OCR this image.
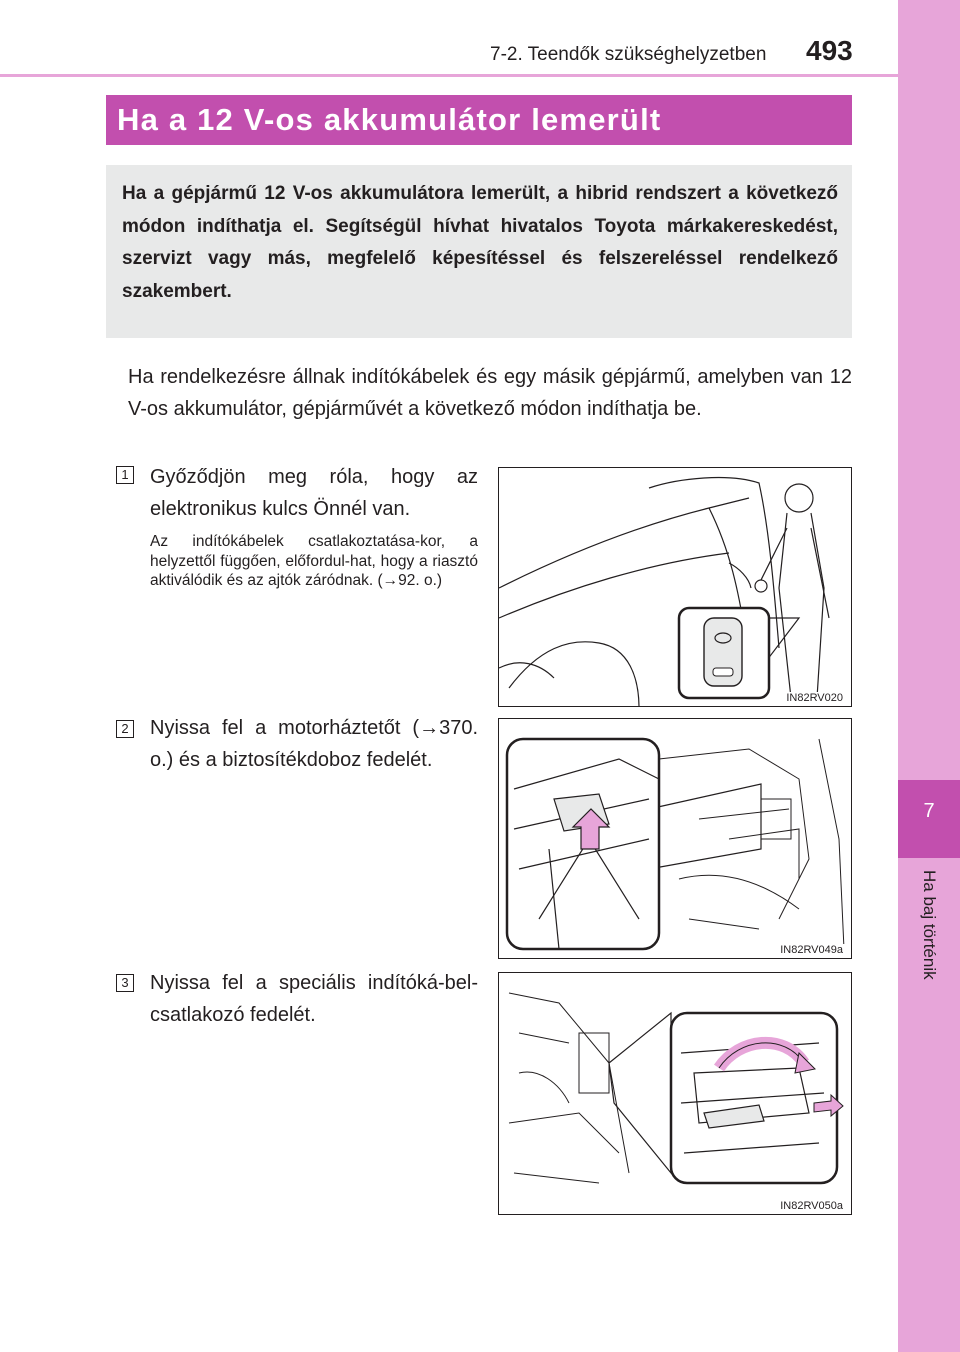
7-2. Teendők szükséghelyzetben 493
7
Ha baj történik
Ha a 12 V-os akkumulátor lemerült
Ha a gépjármű 12 V-os akkumulátora lemerült, a hibrid rendszert a következő módon indíthatja el. Segítségül hívhat hivatalos Toyota márkakereskedést, szervizt vagy más, megfelelő képesítéssel és felszereléssel rendelkező szakembert.
Ha rendelkezésre állnak indítókábelek és egy másik gépjármű, amelyben van 12 V-os akkumulátor, gépjárművét a következő módon indíthatja be.
1 Győződjön meg róla, hogy az elektronikus kulcs Önnél van.
Az indítókábelek csatlakoztatása-kor, a helyzettől függően, előfordul-hat, hogy a riasztó aktiválódik és az ajtók záródnak. (→92. o.)
IN82RV020
2 Nyissa fel a motorháztetőt (→370. o.) és a biztosítékdoboz fedelét.
IN82RV049a
3 Nyissa fel a speciális indítóká-bel-csatlakozó fedelét.
IN82RV050a
